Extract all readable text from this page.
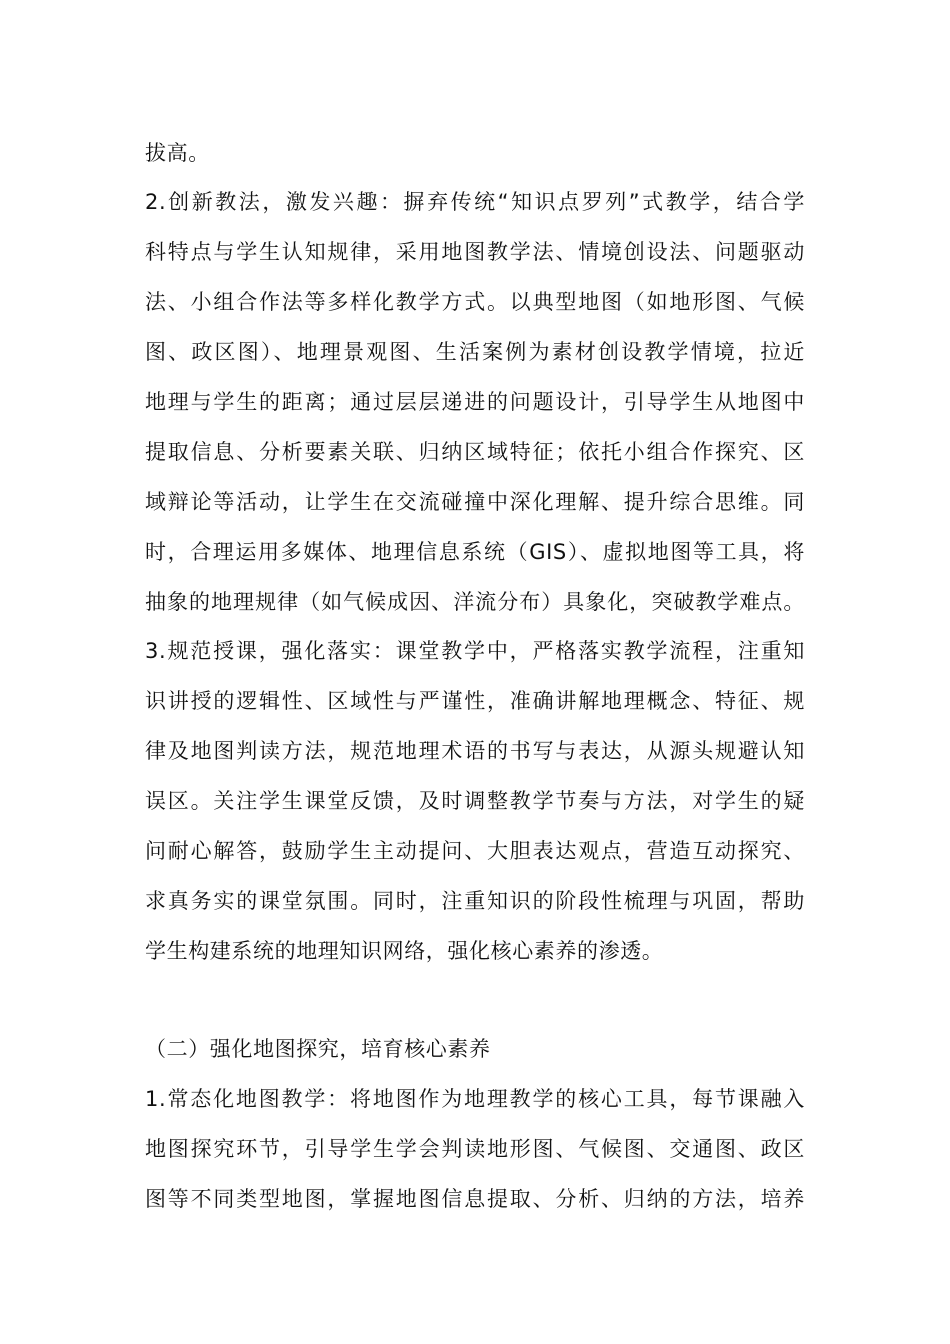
拔高。
2.创新教法，激发兴趣：摒弃传统“知识点罗列”式教学，结合学
科特点与学生认知规律，采用地图教学法、情境创设法、问题驱动
法、小组合作法等多样化教学方式。以典型地图（如地形图、气候
图、政区图）、地理景观图、生活案例为素材创设教学情境，拉近
地理与学生的距离；通过层层递进的问题设计，引导学生从地图中
提取信息、分析要素关联、归纳区域特征；依托小组合作探究、区
域辩论等活动，让学生在交流碰撞中深化理解、提升综合思维。同
时，合理运用多媒体、地理信息系统（GIS）、虚拟地图等工具，将
抽象的地理规律（如气候成因、洋流分布）具象化，突破教学难点。
3.规范授课，强化落实：课堂教学中，严格落实教学流程，注重知
识讲授的逻辑性、区域性与严谨性，准确讲解地理概念、特征、规
律及地图判读方法，规范地理术语的书写与表达，从源头规避认知
误区。关注学生课堂反馈，及时调整教学节奏与方法，对学生的疑
问耐心解答，鼓励学生主动提问、大胆表达观点，营造互动探究、
求真务实的课堂氛围。同时，注重知识的阶段性梳理与巩固，帮助
学生构建系统的地理知识网络，强化核心素养的渗透。
（二）强化地图探究，培育核心素养
1.常态化地图教学：将地图作为地理教学的核心工具，每节课融入
地图探究环节，引导学生学会判读地形图、气候图、交通图、政区
图等不同类型地图，掌握地图信息提取、分析、归纳的方法，培养
